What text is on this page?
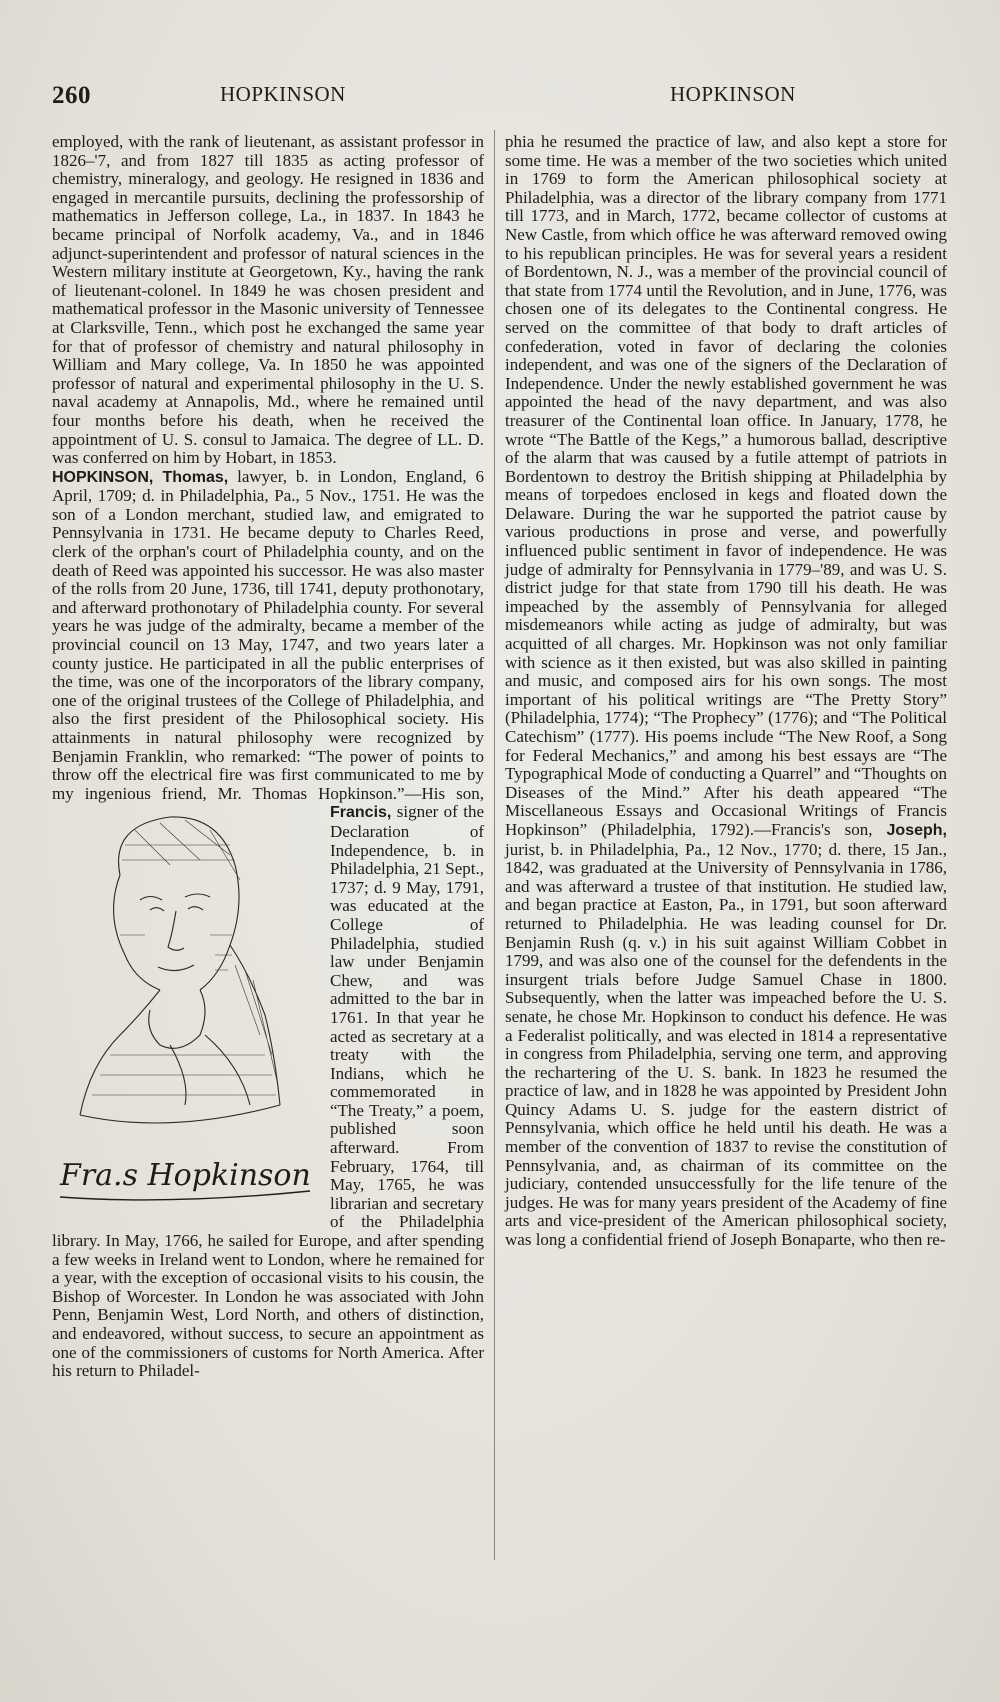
260	HOPKINSON	HOPKINSON

employed, with the rank of lieutenant, as assistant professor in 1826–'7, and from 1827 till 1835 as acting professor of chemistry, mineralogy, and geology. He resigned in 1836 and engaged in mercantile pursuits, declining the professorship of mathematics in Jefferson college, La., in 1837. In 1843 he became principal of Norfolk academy, Va., and in 1846 adjunct-superintendent and professor of natural sciences in the Western military institute at Georgetown, Ky., having the rank of lieutenant-colonel. In 1849 he was chosen president and mathematical professor in the Masonic university of Tennessee at Clarksville, Tenn., which post he exchanged the same year for that of professor of chemistry and natural philosophy in William and Mary college, Va. In 1850 he was appointed professor of natural and experimental philosophy in the U. S. naval academy at Annapolis, Md., where he remained until four months before his death, when he received the appointment of U. S. consul to Jamaica. The degree of LL. D. was conferred on him by Hobart, in 1853.

HOPKINSON, Thomas, lawyer, b. in London, England, 6 April, 1709; d. in Philadelphia, Pa., 5 Nov., 1751. He was the son of a London merchant, studied law, and emigrated to Pennsylvania in 1731. He became deputy to Charles Reed, clerk of the orphan's court of Philadelphia county, and on the death of Reed was appointed his successor. He was also master of the rolls from 20 June, 1736, till 1741, deputy prothonotary, and afterward prothonotary of Philadelphia county. For several years he was judge of the admiralty, became a member of the provincial council on 13 May, 1747, and two years later a county justice. He participated in all the public enterprises of the time, was one of the incorporators of the library company, one of the original trustees of the College of Philadelphia, and also the first president of the Philosophical society. His attainments in natural philosophy were recognized by Benjamin Franklin, who remarked: “The power of points to throw off the electrical fire was first communicated to me by my ingenious friend, Mr. Thomas Hopkinson.”—His son, Francis,
Fra.s Hopkinson
signer of the Declaration of Independence, b. in Philadelphia, 21 Sept., 1737; d. 9 May, 1791, was educated at the College of Philadelphia, studied law under Benjamin Chew, and was admitted to the bar in 1761. In that year he acted as secretary at a treaty with the Indians, which he commemorated in “The Treaty,” a poem, published soon afterward. From February, 1764, till May, 1765, he was librarian and secretary of the Philadelphia library. In May, 1766, he sailed for Europe, and after spending a few weeks in Ireland went to London, where he remained for a year, with the exception of occasional visits to his cousin, the Bishop of Worcester. In London he was associated with John Penn, Benjamin West, Lord North, and others of distinction, and endeavored, without success, to secure an appointment as one of the commissioners of customs for North America. After his return to Philadel-

phia he resumed the practice of law, and also kept a store for some time. He was a member of the two societies which united in 1769 to form the American philosophical society at Philadelphia, was a director of the library company from 1771 till 1773, and in March, 1772, became collector of customs at New Castle, from which office he was afterward removed owing to his republican principles. He was for several years a resident of Bordentown, N. J., was a member of the provincial council of that state from 1774 until the Revolution, and in June, 1776, was chosen one of its delegates to the Continental congress. He served on the committee of that body to draft articles of confederation, voted in favor of declaring the colonies independent, and was one of the signers of the Declaration of Independence. Under the newly established government he was appointed the head of the navy department, and was also treasurer of the Continental loan office. In January, 1778, he wrote “The Battle of the Kegs,” a humorous ballad, descriptive of the alarm that was caused by a futile attempt of patriots in Bordentown to destroy the British shipping at Philadelphia by means of torpedoes enclosed in kegs and floated down the Delaware. During the war he supported the patriot cause by various productions in prose and verse, and powerfully influenced public sentiment in favor of independence. He was judge of admiralty for Pennsylvania in 1779–'89, and was U. S. district judge for that state from 1790 till his death. He was impeached by the assembly of Pennsylvania for alleged misdemeanors while acting as judge of admiralty, but was acquitted of all charges. Mr. Hopkinson was not only familiar with science as it then existed, but was also skilled in painting and music, and composed airs for his own songs. The most important of his political writings are “The Pretty Story” (Philadelphia, 1774); “The Prophecy” (1776); and “The Political Catechism” (1777). His poems include “The New Roof, a Song for Federal Mechanics,” and among his best essays are “The Typographical Mode of conducting a Quarrel” and “Thoughts on Diseases of the Mind.” After his death appeared “The Miscellaneous Essays and Occasional Writings of Francis Hopkinson” (Philadelphia, 1792).—Francis's son, Joseph, jurist, b. in Philadelphia, Pa., 12 Nov., 1770; d. there, 15 Jan., 1842, was graduated at the University of Pennsylvania in 1786, and was afterward a trustee of that institution. He studied law, and began practice at Easton, Pa., in 1791, but soon afterward returned to Philadelphia. He was leading counsel for Dr. Benjamin Rush (q. v.) in his suit against William Cobbet in 1799, and was also one of the counsel for the defendents in the insurgent trials before Judge Samuel Chase in 1800. Subsequently, when the latter was impeached before the U. S. senate, he chose Mr. Hopkinson to conduct his defence. He was a Federalist politically, and was elected in 1814 a representative in congress from Philadelphia, serving one term, and approving the rechartering of the U. S. bank. In 1823 he resumed the practice of law, and in 1828 he was appointed by President John Quincy Adams U. S. judge for the eastern district of Pennsylvania, which office he held until his death. He was a member of the convention of 1837 to revise the constitution of Pennsylvania, and, as chairman of its committee on the judiciary, contended unsuccessfully for the life tenure of the judges. He was for many years president of the Academy of fine arts and vice-president of the American philosophical society, was long a confidential friend of Joseph Bonaparte, who then re-
